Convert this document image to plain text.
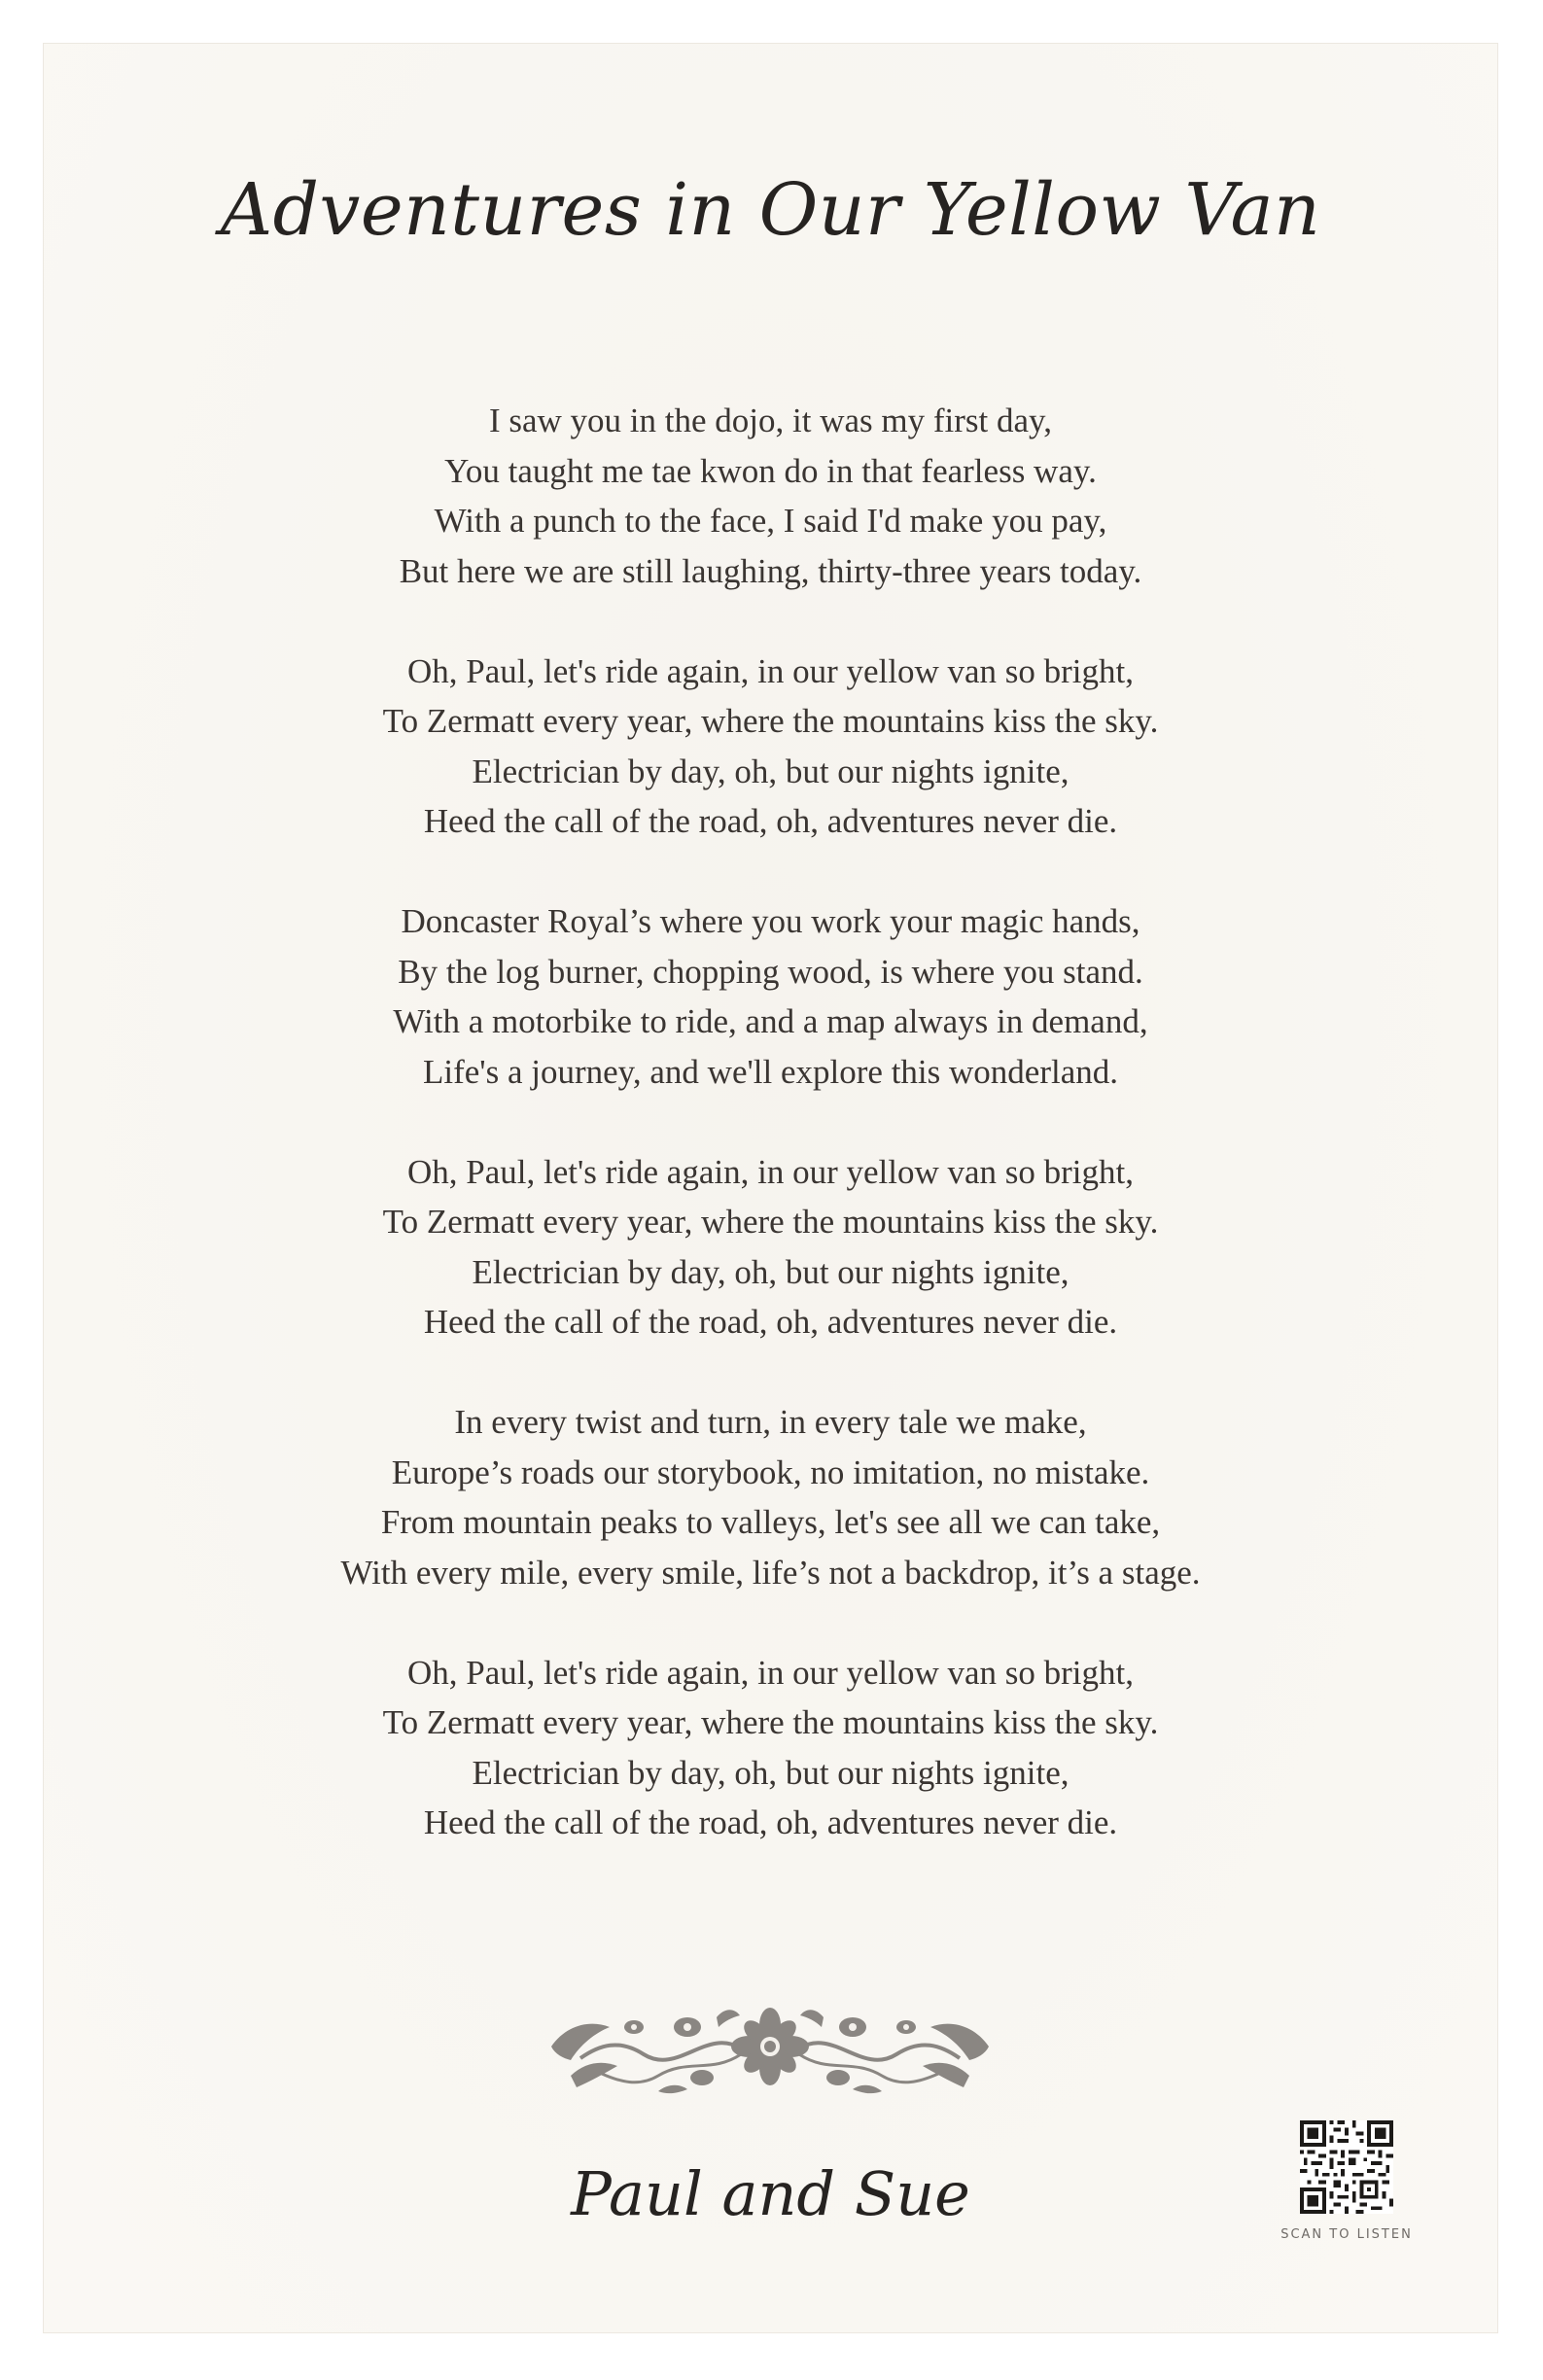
Adventures in Our Yellow Van
I saw you in the dojo, it was my first day,
You taught me tae kwon do in that fearless way.
With a punch to the face, I said I'd make you pay,
But here we are still laughing, thirty-three years today.
Oh, Paul, let's ride again, in our yellow van so bright,
To Zermatt every year, where the mountains kiss the sky.
Electrician by day, oh, but our nights ignite,
Heed the call of the road, oh, adventures never die.
Doncaster Royal’s where you work your magic hands,
By the log burner, chopping wood, is where you stand.
With a motorbike to ride, and a map always in demand,
Life's a journey, and we'll explore this wonderland.
Oh, Paul, let's ride again, in our yellow van so bright,
To Zermatt every year, where the mountains kiss the sky.
Electrician by day, oh, but our nights ignite,
Heed the call of the road, oh, adventures never die.
In every twist and turn, in every tale we make,
Europe’s roads our storybook, no imitation, no mistake.
From mountain peaks to valleys, let's see all we can take,
With every mile, every smile, life’s not a backdrop, it’s a stage.
Oh, Paul, let's ride again, in our yellow van so bright,
To Zermatt every year, where the mountains kiss the sky.
Electrician by day, oh, but our nights ignite,
Heed the call of the road, oh, adventures never die.
Paul and Sue
SCAN TO LISTEN
